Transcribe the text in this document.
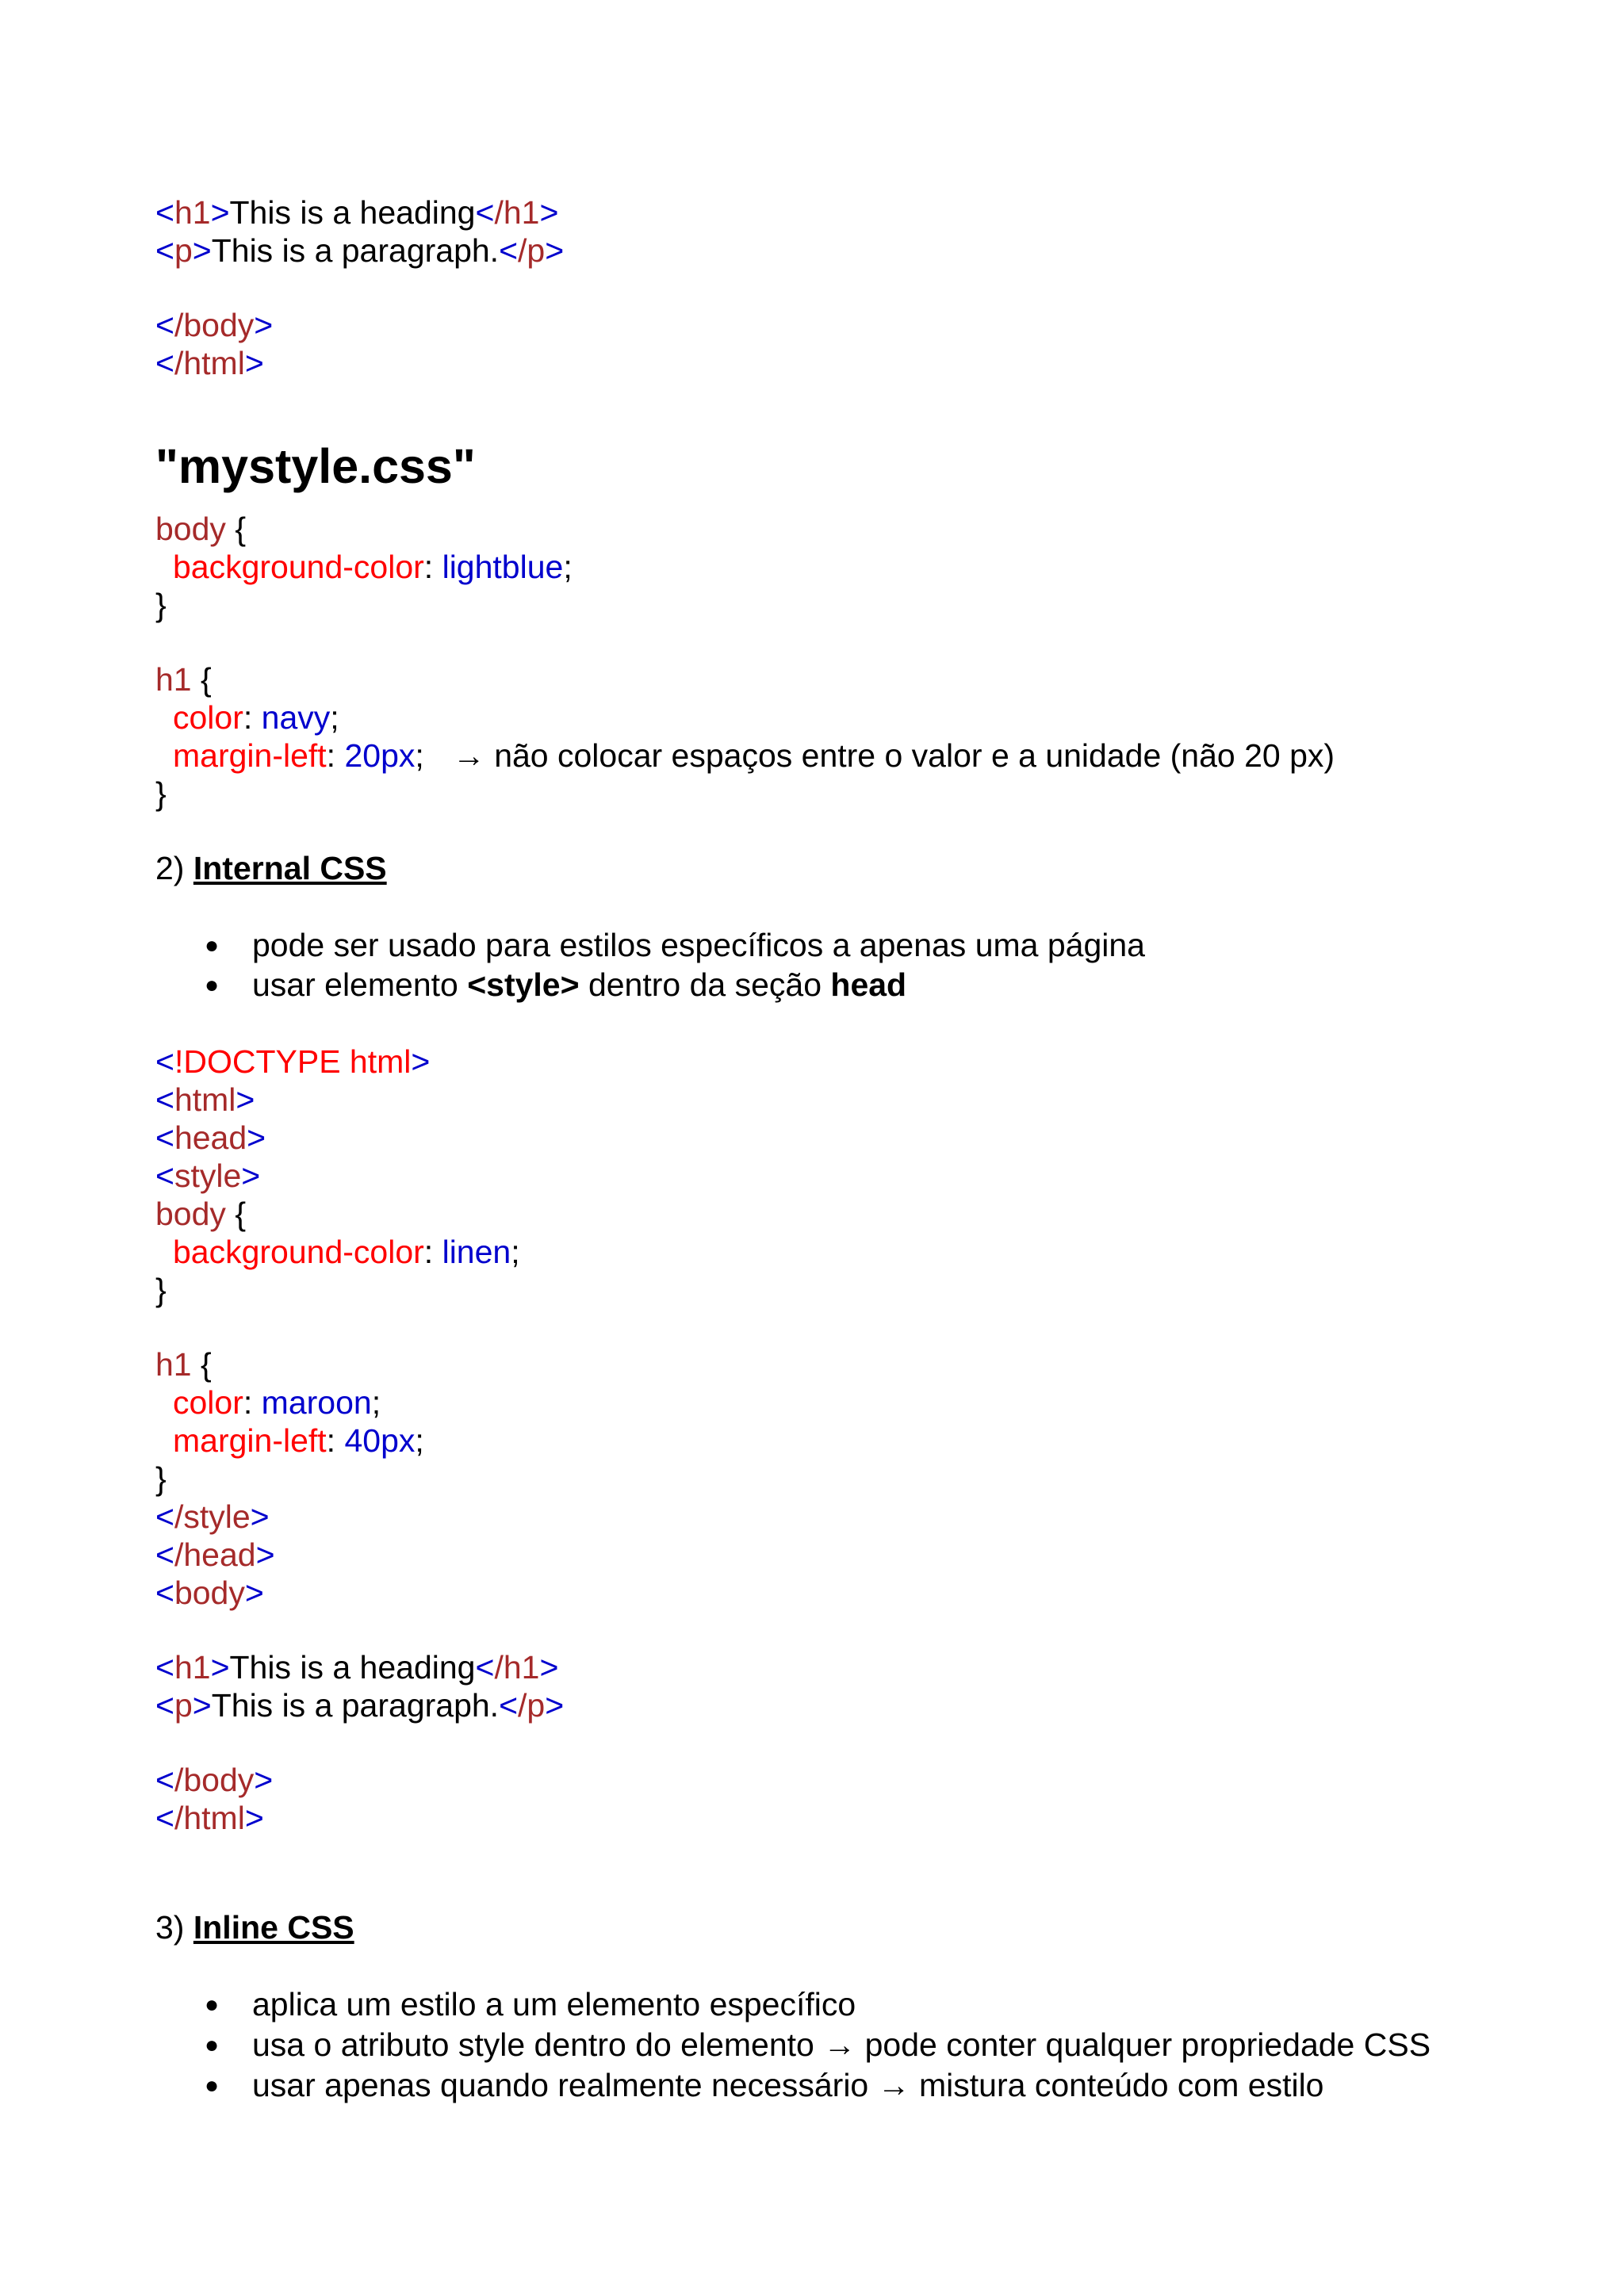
<h1>This is a heading</h1>
<p>This is a paragraph.</p>
</body>
</html>
"mystyle.css"
body {
background-color: lightblue;
}
h1 {
color: navy;
margin-left: 20px; → não colocar espaços entre o valor e a unidade (não 20 px)
}
2) Internal CSS
● pode ser usado para estilos específicos a apenas uma página
● usar elemento <style> dentro da seção head
<!DOCTYPE html>
<html>
<head>
<style>
body {
background-color: linen;
}
h1 {
color: maroon;
margin-left: 40px;
}
</style>
</head>
<body>
<h1>This is a heading</h1>
<p>This is a paragraph.</p>
</body>
</html>
3) Inline CSS
● aplica um estilo a um elemento específico
● usa o atributo style dentro do elemento → pode conter qualquer propriedade CSS
● usar apenas quando realmente necessário → mistura conteúdo com estilo
